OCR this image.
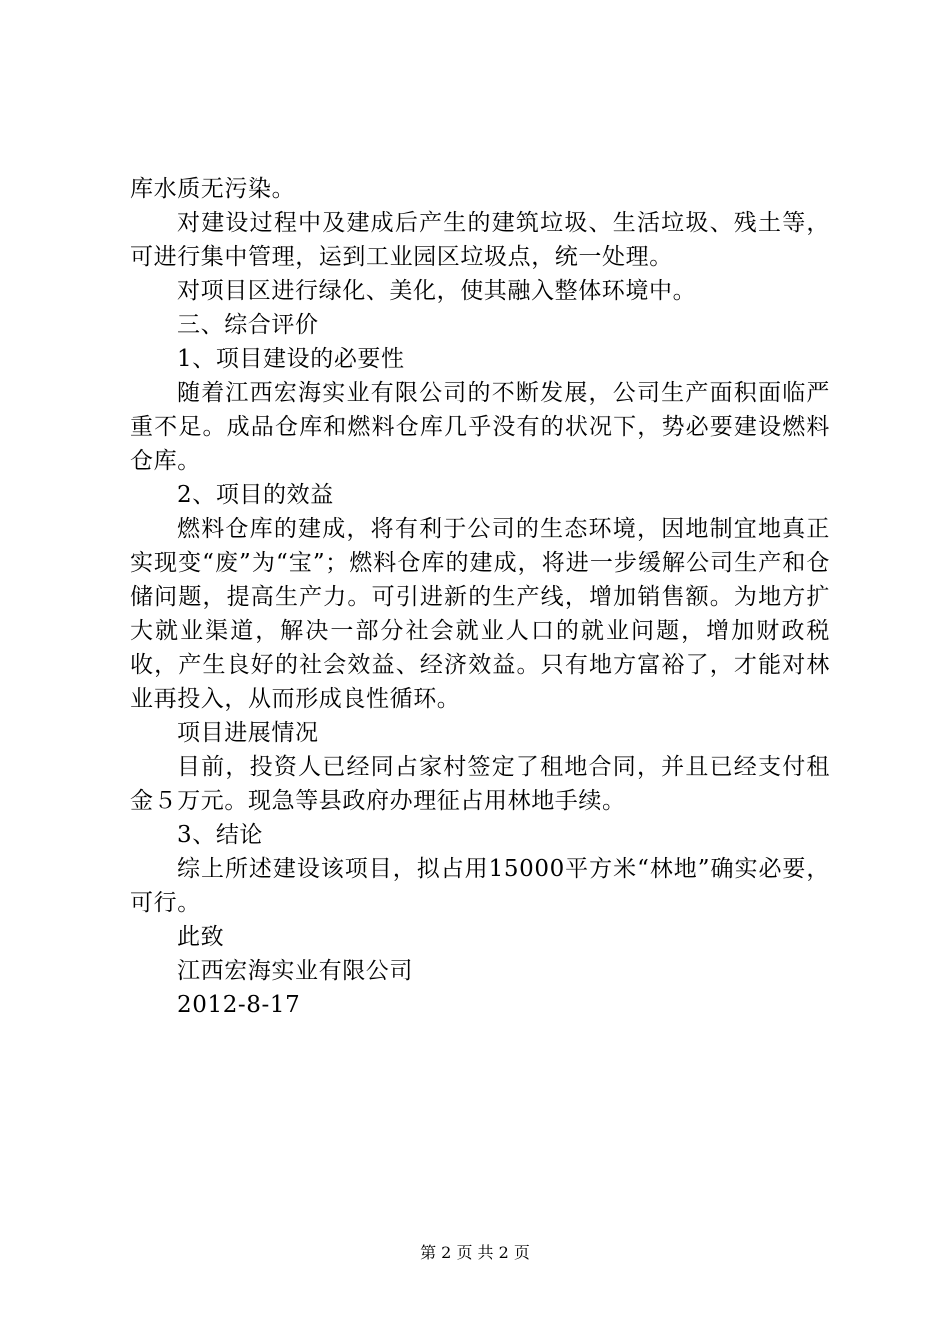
库水质无污染。

对建设过程中及建成后产生的建筑垃圾、生活垃圾、残土等，可进行集中管理，运到工业园区垃圾点，统一处理。

对项目区进行绿化、美化，使其融入整体环境中。

三、综合评价

1、项目建设的必要性

随着江西宏海实业有限公司的不断发展，公司生产面积面临严重不足。成品仓库和燃料仓库几乎没有的状况下，势必要建设燃料仓库。

2、项目的效益

燃料仓库的建成，将有利于公司的生态环境，因地制宜地真正实现变“废”为“宝”；燃料仓库的建成，将进一步缓解公司生产和仓储问题，提高生产力。可引进新的生产线，增加销售额。为地方扩大就业渠道，解决一部分社会就业人口的就业问题，增加财政税收，产生良好的社会效益、经济效益。只有地方富裕了，才能对林业再投入，从而形成良性循环。

项目进展情况

目前，投资人已经同占家村签定了租地合同，并且已经支付租金５万元。现急等县政府办理征占用林地手续。

3、结论

综上所述建设该项目，拟占用15000平方米“林地”确实必要，可行。

此致

江西宏海实业有限公司

2012-8-17

第 2 页 共 2 页
